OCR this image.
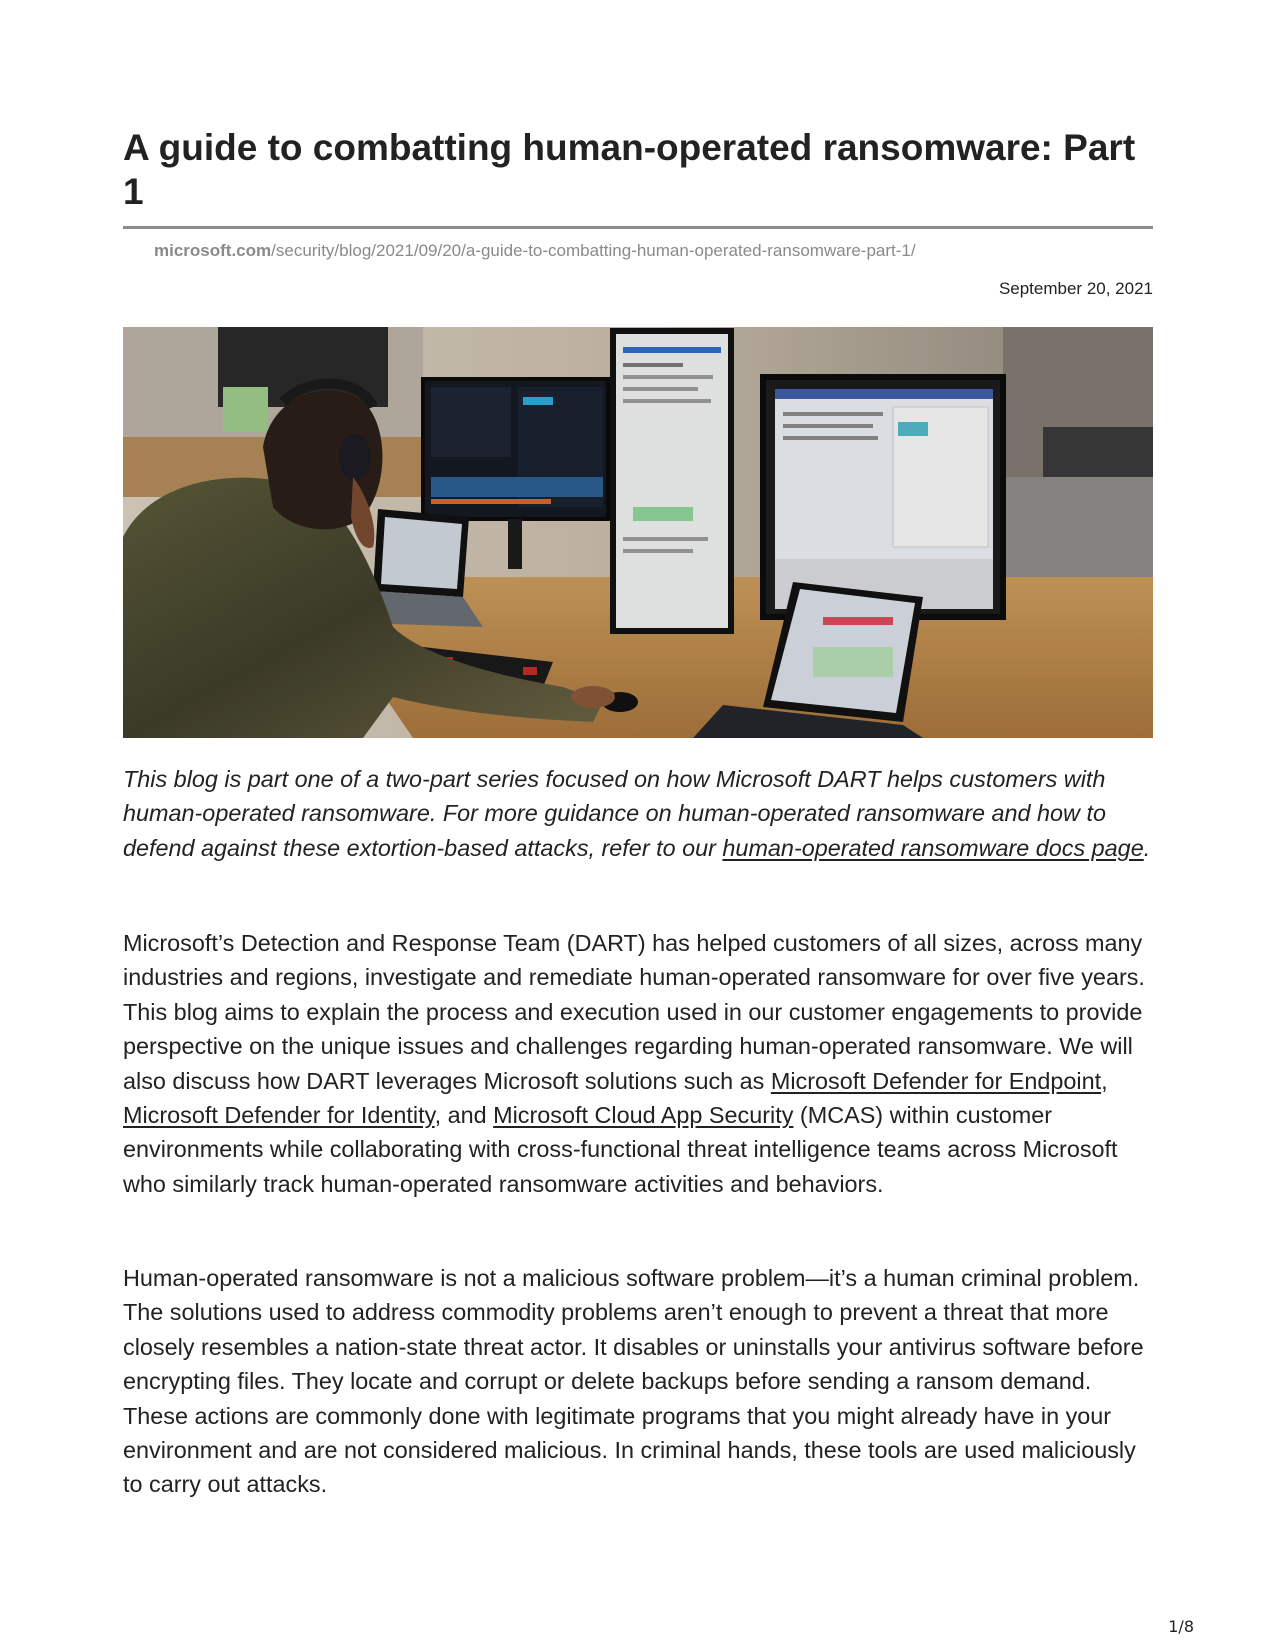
A guide to combatting human-operated ransomware: Part 1
microsoft.com/security/blog/2021/09/20/a-guide-to-combatting-human-operated-ransomware-part-1/
September 20, 2021

This blog is part one of a two-part series focused on how Microsoft DART helps customers with human-operated ransomware. For more guidance on human-operated ransomware and how to defend against these extortion-based attacks, refer to our human-operated ransomware docs page.

Microsoft’s Detection and Response Team (DART) has helped customers of all sizes, across many industries and regions, investigate and remediate human-operated ransomware for over five years. This blog aims to explain the process and execution used in our customer engagements to provide perspective on the unique issues and challenges regarding human-operated ransomware. We will also discuss how DART leverages Microsoft solutions such as Microsoft Defender for Endpoint, Microsoft Defender for Identity, and Microsoft Cloud App Security (MCAS) within customer environments while collaborating with cross-functional threat intelligence teams across Microsoft who similarly track human-operated ransomware activities and behaviors.

Human-operated ransomware is not a malicious software problem—it’s a human criminal problem. The solutions used to address commodity problems aren’t enough to prevent a threat that more closely resembles a nation-state threat actor. It disables or uninstalls your antivirus software before encrypting files. They locate and corrupt or delete backups before sending a ransom demand. These actions are commonly done with legitimate programs that you might already have in your environment and are not considered malicious. In criminal hands, these tools are used maliciously to carry out attacks.

1/8
